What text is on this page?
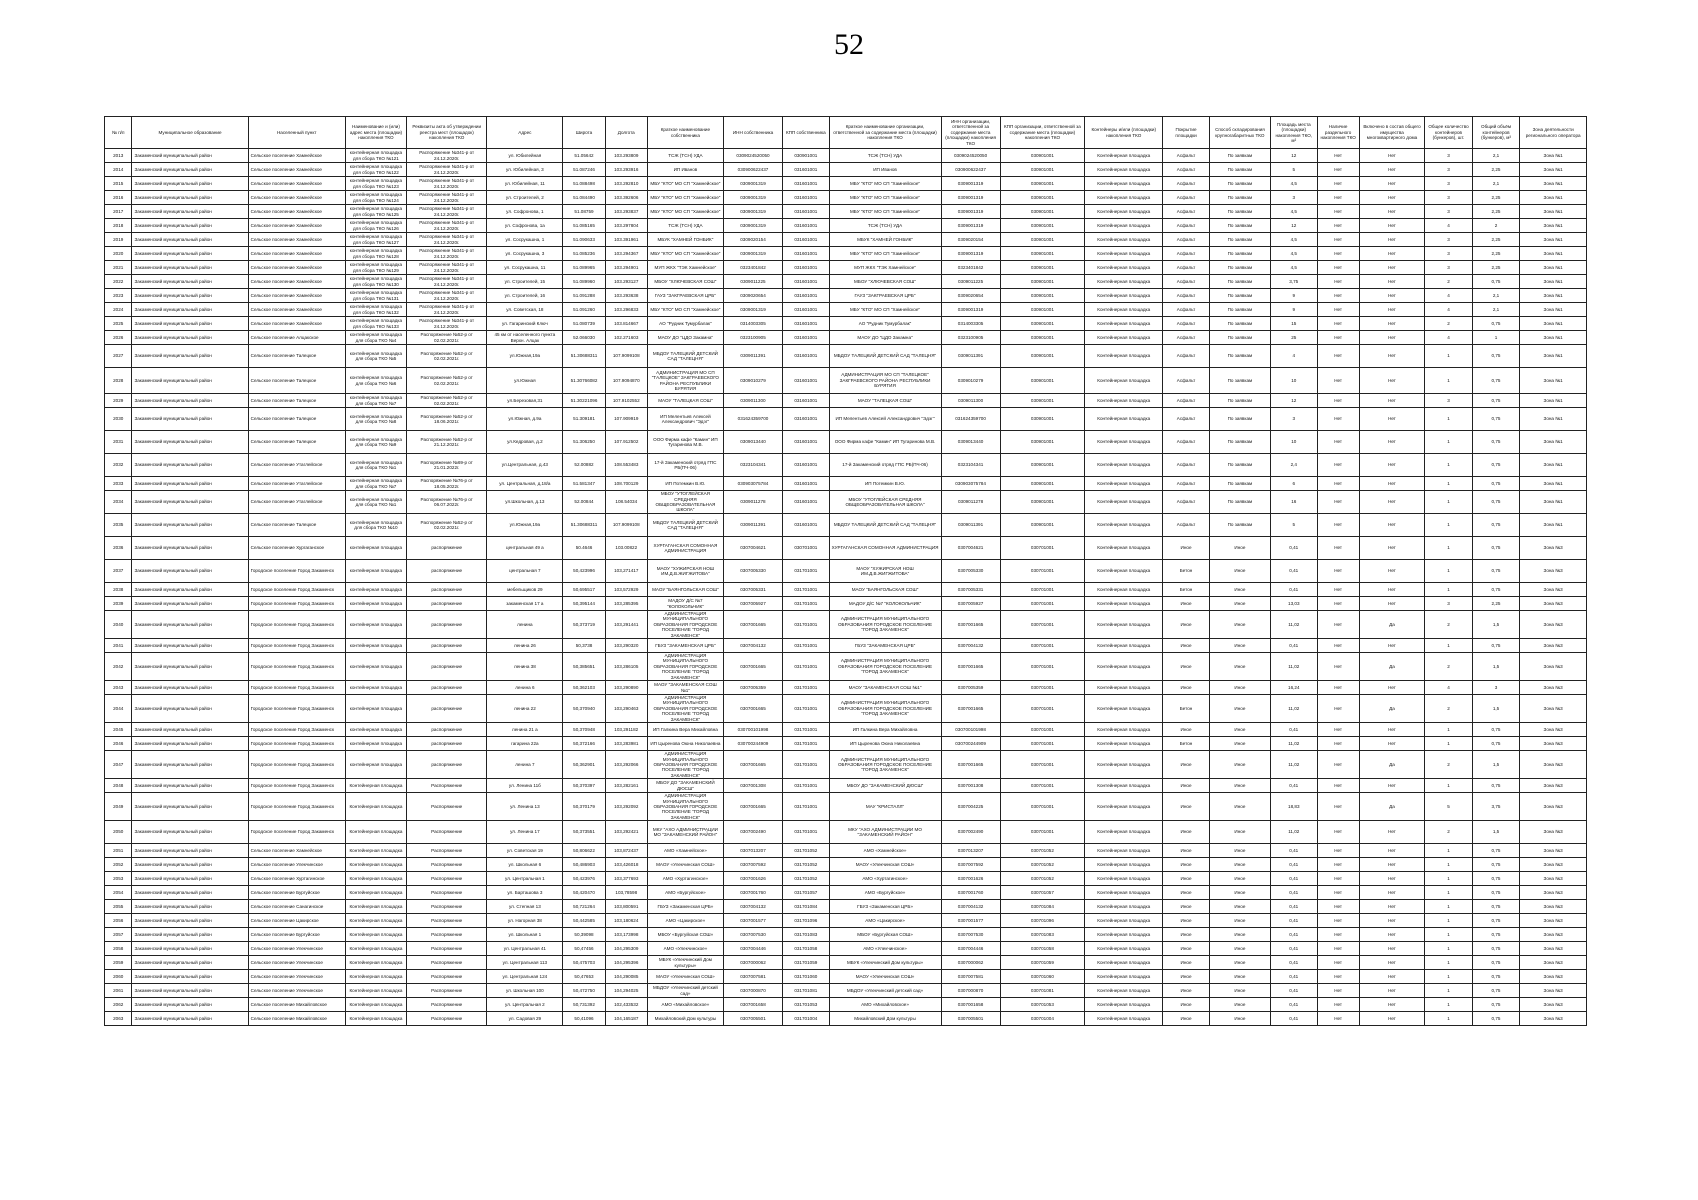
52
№ п/п	Муниципальное образование	Населенный пункт	Наименование и (или) адрес места (площадки) накопления ТКО	Реквизиты акта об утверждении реестра мест (площадок) накопления ТКО	Адрес	Широта	Долгота	Краткое наименование собственника	ИНН собственника	КПП собственника	Краткое наименование организации, ответственной за содержание места (площадки) накопления ТКО	ИНН организации, ответственной за содержание места (площадки) накопления ТКО	КПП организации, ответственной за содержание места (площадки) накопления ТКО	Контейнеры и/или (площадки) накопления ТКО	Покрытие площадки	Способ складирования крупногабаритных ТКО	Площадь места (площадки) накопления ТКО, м²	Наличие раздельного накопления ТКО	Включено в состав общего имущества многоквартирного дома	Общее количество контейнеров (бункеров), шт.	Общий объём контейнеров (бункеров), м³	Зона деятельности регионального оператора
2013	Закаменский муниципальный район	Сельское поселение Хамнейское	контейнерная площадка для сбора ТКО №121	Распоряжение №341-р от 24.12.2020г.	ул. Юбилейная	51.05642	103.293809	ТСЖ (ТСН) УДА	0309024520050	030901001	ТСЖ (ТСН) УДА	0309024520050	030901001	Контейнерная площадка	Асфальт	По заявкам	12	Нет	Нет	3	2,1	Зона №1
2014	Закаменский муниципальный район	Сельское поселение Хамнейское	контейнерная площадка для сбора ТКО №122	Распоряжение №341-р от 24.12.2020г.	ул. Юбилейная, 3	51.087246	103.293916	ИП Иванов	030900622437	031601001	ИП Иванов	030900622437	030901001	Контейнерная площадка	Асфальт	По заявкам	5	Нет	Нет	3	2,25	Зона №1
2015	Закаменский муниципальный район	Сельское поселение Хамнейское	контейнерная площадка для сбора ТКО №123	Распоряжение №341-р от 24.12.2020г.	ул. Юбилейная, 11	51.088498	103.292810	МБУ "КТО" МО СП "Хамнейское"	0309001319	031601001	МБУ "КТО" МО СП "Хамнейское"	0309001319	030901001	Контейнерная площадка	Асфальт	По заявкам	4,5	Нет	Нет	3	2,1	Зона №1
2016	Закаменский муниципальный район	Сельское поселение Хамнейское	контейнерная площадка для сбора ТКО №124	Распоряжение №341-р от 24.12.2020г.	ул. Строителей, 2	51.084490	103.392606	МБУ "КТО" МО СП "Хамнейское"	0309001319	031601001	МБУ "КТО" МО СП "Хамнейское"	0309001319	030901001	Контейнерная площадка	Асфальт	По заявкам	3	Нет	Нет	3	2,25	Зона №1
2017	Закаменский муниципальный район	Сельское поселение Хамнейское	контейнерная площадка для сбора ТКО №125	Распоряжение №341-р от 24.12.2020г.	ул. Софроновa, 1	51.08759	103.293837	МБУ "КТО" МО СП "Хамнейское"	0309001319	031601001	МБУ "КТО" МО СП "Хамнейское"	0309001319	030901001	Контейнерная площадка	Асфальт	По заявкам	4,5	Нет	Нет	3	2,25	Зона №1
2018	Закаменский муниципальный район	Сельское поселение Хамнейское	контейнерная площадка для сбора ТКО №126	Распоряжение №341-р от 24.12.2020г.	ул. Софроновa, 1а	51.085165	103.297804	ТСЖ (ТСН) УДА	0309001319	031601001	ТСЖ (ТСН) УДА	0309001319	030901001	Контейнерная площадка	Асфальт	По заявкам	12	Нет	Нет	4	2	Зона №1
2019	Закаменский муниципальный район	Сельское поселение Хамнейское	контейнерная площадка для сбора ТКО №127	Распоряжение №341-р от 24.12.2020г.	ул. Сосрукaшна, 1	51.090633	103.391961	МБУК "ХАМНЕЙ ГОНБИК"	0309020154	031601001	МБУК "ХАМНЕЙ ГОНБИК"	0309020154	030901001	Контейнерная площадка	Асфальт	По заявкам	4,5	Нет	Нет	3	2,25	Зона №1
2020	Закаменский муниципальный район	Сельское поселение Хамнейское	контейнерная площадка для сбора ТКО №128	Распоряжение №341-р от 24.12.2020г.	ул. Сосрукaшна, 3	51.085236	103.294367	МБУ "КТО" МО СП "Хамнейское"	0309001319	031601001	МБУ "КТО" МО СП "Хамнейское"	0309001319	030901001	Контейнерная площадка	Асфальт	По заявкам	4,5	Нет	Нет	3	2,25	Зона №1
2021	Закаменский муниципальный район	Сельское поселение Хамнейское	контейнерная площадка для сбора ТКО №129	Распоряжение №341-р от 24.12.2020г.	ул. Сосрукaшна, 11	51.089965	103.294901	МУП ЖКХ "ТЭК Хамнейское"	0323401842	031601001	МУП ЖКХ "ТЭК Хамнейское"	0323401842	030901001	Контейнерная площадка	Асфальт	По заявкам	4,5	Нет	Нет	3	2,25	Зона №1
2022	Закаменский муниципальный район	Сельское поселение Хамнейское	контейнерная площадка для сбора ТКО №130	Распоряжение №341-р от 24.12.2020г.	ул. Строителей, 15	51.089960	103.293127	МБОУ "ХЛЮЧЕВСКАЯ СОШ"	0309011225	031601001	МБОУ "ХЛЮЧЕВСКАЯ СОШ"	0309011225	030901001	Контейнерная площадка	Асфальт	По заявкам	3,75	Нет	Нет	2	0,75	Зона №1
2023	Закаменский муниципальный район	Сельское поселение Хамнейское	контейнерная площадка для сбора ТКО №131	Распоряжение №341-р от 24.12.2020г.	ул. Строителей, 16	51.091288	103.293638	ГАУЗ "ЗАКГРАЕВСКАЯ ЦРБ"	0309020654	031601001	ГАУЗ "ЗАКГРАЕВСКАЯ ЦРБ"	0309020654	030901001	Контейнерная площадка	Асфальт	По заявкам	9	Нет	Нет	4	2,1	Зона №1
2024	Закаменский муниципальный район	Сельское поселение Хамнейское	контейнерная площадка для сбора ТКО №132	Распоряжение №341-р от 24.12.2020г.	ул. Советская, 18	51.091260	103.296833	МБУ "КТО" МО СП "Хамнейское"	0309001319	031601001	МБУ "КТО" МО СП "Хамнейское"	0309001319	030901001	Контейнерная площадка	Асфальт	По заявкам	9	Нет	Нет	4	2,1	Зона №1
2025	Закаменский муниципальный район	Сельское поселение Хамнейское	контейнерная площадка для сбора ТКО №133	Распоряжение №341-р от 24.12.2020г.	ул. Гагаринский Ключ	51.080739	103.814667	АО "Рудник Тумурбалак"	0314003305	031601001	АО "Рудник Тумурбалак"	0314003305	030901001	Контейнерная площадка	Асфальт	По заявкам	15	Нет	Нет	2	0,75	Зона №1
2026	Закаменский муниципальный район	Сельское поселение Алцакское	контейнерная площадка для сбора ТКО №4	Распоряжение №52-р от 02.02.2021г.	45 км от населенного пункта Верхн. Алцак	52.066030	102.271603	МАОУ ДО "ЦДО Закамна"	0323100905	031601001	МАОУ ДО "ЦДО Закамна"	0323100905	030901001	Контейнерная площадка	Асфальт	По заявкам	25	Нет	Нет	4	1	Зона №1
2027	Закаменский муниципальный район	Сельское поселение Талецкое	контейнерная площадка для сбора ТКО №5	Распоряжение №52-р от 02.02.2021г.	ул.Южная,19а	51.30688311	107.9099108	МБДОУ ТАЛЕЦКИЙ ДЕТСКИЙ САД "ТАЛЕЦНЯ"	0309011391	031601001	МБДОУ ТАЛЕЦКИЙ ДЕТСКИЙ САД "ТАЛЕЦНЯ"	0309011391	030901001	Контейнерная площадка	Асфальт	По заявкам	4	Нет	Нет	1	0,75	Зона №1
2028	Закаменский муниципальный район	Сельское поселение Талецкое	контейнерная площадка для сбора ТКО №6	Распоряжение №52-р от 02.02.2021г.	ул.Южная	51.30766082	107.9094870	АДМИНИСТРАЦИЯ МО СП "ТАЛЕЦКОЕ" ЗАКГРАЕВСКОГО РАЙОНА РЕСПУБЛИКИ БУРЯТИЯ	0309010279	031601001	АДМИНИСТРАЦИЯ МО СП "ТАЛЕЦКОЕ" ЗАКГРАЕВСКОГО РАЙОНА РЕСПУБЛИКИ БУРЯТИЯ	0309010279	030901001	Контейнерная площадка	Асфальт	По заявкам	10	Нет	Нет	1	0,75	Зона №1
2029	Закаменский муниципальный район	Сельское поселение Талецкое	контейнерная площадка для сбора ТКО №7	Распоряжение №52-р от 02.02.2021г.	ул.Березовая,31	51.30221096	107.9102552	МАОУ "ТАЛЕЦКАЯ СОШ"	0309011300	031601001	МАОУ "ТАЛЕЦКАЯ СОШ"	0309011300	030901001	Контейнерная площадка	Асфальт	По заявкам	12	Нет	Нет	3	0,75	Зона №1
2030	Закаменский муниципальный район	Сельское поселение Талецкое	контейнерная площадка для сбора ТКО №8	Распоряжение №52-р от 18.06.2021г.	ул.Южная, д.9а	51.309181	107.909919	ИП Мелентьев Алексей Александрович "Эдэг"	031624359700	031601001	ИП Мелентьев Алексей Александрович "Эдэг"	031624359700	030901001	Контейнерная площадка	Асфальт	По заявкам	3	Нет	Нет	1	0,75	Зона №1
2031	Закаменский муниципальный район	Сельское поселение Талецкое	контейнерная площадка для сбора ТКО №9	Распоряжение №52-р от 21.12.2021г.	ул.Кедровая, д.2	51.306250	107.912502	ООО Фирма кафе "Камин" ИП Тугаринова М.В.	0309013440	031601001	ООО Фирма кафе "Камин" ИП Тугаринова М.В.	0309013440	030901001	Контейнерная площадка	Асфальт	По заявкам	10	Нет	Нет	1	0,75	Зона №1
2032	Закаменский муниципальный район	Сельское поселение Утаглейское	контейнерная площадка для сбора ТКО №1	Распоряжение №69-р от 21.01.2022г.	ул.Центральная, д.43	52.00882	108.553483	17-й Закаменский отряд ГПС РБ(ПЧ-06)	0323104341	031601001	17-й Закаменский отряд ГПС РБ(ПЧ-06)	0323104341	030901001	Контейнерная площадка	Асфальт	По заявкам	2,4	Нет	Нет	1	0,75	Зона №1
2033	Закаменский муниципальный район	Сельское поселение Утаглейское	контейнерная площадка для сбора ТКО №7	Распоряжение №76-р от 18.05.2022г.	ул. Центральная, д.18/а	51.581347	108.700129	ИП Потемкин В.Ю.	030903075784	031601001	ИП Потемкин В.Ю.	030903075784	030901001	Контейнерная площадка	Асфальт	По заявкам	6	Нет	Нет	1	0,75	Зона №1
2034	Закаменский муниципальный район	Сельское поселение Утаглейское	контейнерная площадка для сбора ТКО №1	Распоряжение №76-р от 06.07.2022г.	ул.Школьная, д.13	52.00844	108.54034	МБОУ "УТОГЛЕЙСКАЯ СРЕДНЯЯ ОБЩЕОБРАЗОВАТЕЛЬНАЯ ШКОЛА"	0309011278	031601001	МБОУ "УТОГЛЕЙСКАЯ СРЕДНЯЯ ОБЩЕОБРАЗОВАТЕЛЬНАЯ ШКОЛА"	0309011278	030901001	Контейнерная площадка	Асфальт	По заявкам	16	Нет	Нет	1	0,75	Зона №1
2035	Закаменский муниципальный район	Сельское поселение Талецкое	контейнерная площадка для сбора ТКО №10	Распоряжение №52-р от 02.02.2021г.	ул.Южная,19а	51.30688311	107.9099108	МБДОУ ТАЛЕЦКИЙ ДЕТСКИЙ САД "ТАЛЕЦНЯ"	0309011391	031601001	МБДОУ ТАЛЕЦКИЙ ДЕТСКИЙ САД "ТАЛЕЦНЯ"	0309011391	030901001	Контейнерная площадка	Асфальт	По заявкам	5	Нет	Нет	1	0,75	Зона №1
2036	Закаменский муниципальный район	Сельское поселение Хургаганское	контейнерная площадка	распоряжение	центральная 49 а	50.4646	103.00822	ХУРГАГАНСКАЯ СОМОННАЯ АДМИНИСТРАЦИЯ	0307004621	030701001	ХУРГАГАНСКАЯ СОМОННАЯ АДМИНИСТРАЦИЯ	0307004621	030701001	Контейнерная площадка	Иное	Иное	0,41	Нет	Нет	1	0,75	Зона №3
2037	Закаменский муниципальный район	Городское поселение Город Закаменск	контейнерная площадка	распоряжение	центральная 7	50,423996	103,271417	МАОУ "ХУЖИРСКАЯ НОШ ИМ.Д.В.ЖИГЖИТОВА"	0307005330	031701001	МАОУ "ХУЖИРСКАЯ НОШ ИМ.Д.В.ЖИГЖИТОВА"	0307005330	030701001	Контейнерная площадка	Бетон	Иное	0,41	Нет	Нет	1	0,75	Зона №3
2038	Закаменский муниципальный район	Городское поселение Город Закаменск	контейнерная площадка	распоряжение	мебельщиков 29	50,695517	103,572929	МАОУ "БАЯНГОЛЬСКАЯ СОШ"	0307005331	031701001	МАОУ "БАЯНГОЛЬСКАЯ СОШ"	0307005331	030701001	Контейнерная площадка	Бетон	Иное	0,41	Нет	Нет	1	0,75	Зона №3
2039	Закаменский муниципальный район	Городское поселение Город Закаменск	контейнерная площадка	распоряжение	закаменская 17 а	50,395144	103,285395	МАДОУ Д/С №7 "КОЛОКОЛЬЧИК"	0307005927	031701001	МАДОУ Д/С №7 "КОЛОКОЛЬЧИК"	0307005927	030701001	Контейнерная площадка	Иное	Иное	13,03	Нет	Нет	3	2,25	Зона №3
2040	Закаменский муниципальный район	Городское поселение Город Закаменск	контейнерная площадка	распоряжение	ленина	50,373719	103,291441	АДМИНИСТРАЦИЯ МУНИЦИПАЛЬНОГО ОБРАЗОВАНИЯ ГОРОДСКОЕ ПОСЕЛЕНИЕ "ГОРОД ЗАКАМЕНСК"	0307001665	031701001	АДМИНИСТРАЦИЯ МУНИЦИПАЛЬНОГО ОБРАЗОВАНИЯ ГОРОДСКОЕ ПОСЕЛЕНИЕ "ГОРОД ЗАКАМЕНСК"	0307001665	030701001	Контейнерная площадка	Иное	Иное	11,02	Нет	Да	2	1,5	Зона №3
2041	Закаменский муниципальный район	Городское поселение Город Закаменск	контейнерная площадка	распоряжение	ленина 26	50,3738	103,290320	ГБУЗ "ЗАКАМЕНСКАЯ ЦРБ"	0307004132	031701001	ГБУЗ "ЗАКАМЕНСКАЯ ЦРБ"	0307004132	030701001	Контейнерная площадка	Иное	Иное	0,41	Нет	Нет	1	0,75	Зона №3
2042	Закаменский муниципальный район	Городское поселение Город Закаменск	контейнерная площадка	распоряжение	ленина 38	50,385651	103,286105	АДМИНИСТРАЦИЯ МУНИЦИПАЛЬНОГО ОБРАЗОВАНИЯ ГОРОДСКОЕ ПОСЕЛЕНИЕ "ГОРОД ЗАКАМЕНСК"	0307001665	031701001	АДМИНИСТРАЦИЯ МУНИЦИПАЛЬНОГО ОБРАЗОВАНИЯ ГОРОДСКОЕ ПОСЕЛЕНИЕ "ГОРОД ЗАКАМЕНСК"	0307001665	030701001	Контейнерная площадка	Иное	Иное	11,02	Нет	Да	2	1,5	Зона №3
2043	Закаменский муниципальный район	Городское поселение Город Закаменск	контейнерная площадка	распоряжение	ленина 6	50,362103	103,290890	МАОУ "ЗАКАМЕНСКАЯ СОШ №1"	0307005359	031701001	МАОУ "ЗАКАМЕНСКАЯ СОШ №1"	0307005359	030701001	Контейнерная площадка	Иное	Иное	16,24	Нет	Нет	4	3	Зона №3
2044	Закаменский муниципальный район	Городское поселение Город Закаменск	контейнерная площадка	распоряжение	ленина 22	50,370940	103,290463	АДМИНИСТРАЦИЯ МУНИЦИПАЛЬНОГО ОБРАЗОВАНИЯ ГОРОДСКОЕ ПОСЕЛЕНИЕ "ГОРОД ЗАКАМЕНСК"	0307001665	031701001	АДМИНИСТРАЦИЯ МУНИЦИПАЛЬНОГО ОБРАЗОВАНИЯ ГОРОДСКОЕ ПОСЕЛЕНИЕ "ГОРОД ЗАКАМЕНСК"	0307001665	030701001	Контейнерная площадка	Бетон	Иное	11,02	Нет	Да	2	1,5	Зона №3
2045	Закаменский муниципальный район	Городское поселение Город Закаменск	контейнерная площадка	распоряжение	ленина 21 а	50,370948	103,291182	ИП Галкина Вера Михайловна	030700101998	031701001	ИП Галкина Вера Михайловна	030700101998	030701001	Контейнерная площадка	Иное	Иное	0,41	Нет	Нет	1	0,75	Зона №3
2046	Закаменский муниципальный район	Городское поселение Город Закаменск	контейнерная площадка	распоряжение	гагарина 22а	50,372166	103,283981	ИП Цыренова Оюна Николаевна	030700244909	031701001	ИП Цыренова Оюна Николаевна	030700244909	030701001	Контейнерная площадка	Бетон	Иное	11,02	Нет	Нет	1	0,75	Зона №3
2047	Закаменский муниципальный район	Городское поселение Город Закаменск	контейнерная площадка	распоряжение	ленина 7	50,362901	103,292066	АДМИНИСТРАЦИЯ МУНИЦИПАЛЬНОГО ОБРАЗОВАНИЯ ГОРОДСКОЕ ПОСЕЛЕНИЕ "ГОРОД ЗАКАМЕНСК"	0307001665	031701001	АДМИНИСТРАЦИЯ МУНИЦИПАЛЬНОГО ОБРАЗОВАНИЯ ГОРОДСКОЕ ПОСЕЛЕНИЕ "ГОРОД ЗАКАМЕНСК"	0307001665	030701001	Контейнерная площадка	Иное	Иное	11,02	Нет	Да	2	1,5	Зона №3
2048	Закаменский муниципальный район	Городское поселение Город Закаменск	Контейнерная площадка	Распоряжение	ул. Ленина 11б	50,370397	103,282161	МБОУ ДО "ЗАКАМЕНСКИЙ ДЮСШ"	0307001308	031701001	МБОУ ДО "ЗАКАМЕНСКИЙ ДЮСШ"	0307001308	030701001	Контейнерная площадка	Иное	Иное	0,41	Нет	Нет	1	0,75	Зона №3
2049	Закаменский муниципальный район	Городское поселение Город Закаменск	Контейнерная площадка	Распоряжение	ул. Ленина 13	50,370179	103,292092	АДМИНИСТРАЦИЯ МУНИЦИПАЛЬНОГО ОБРАЗОВАНИЯ ГОРОДСКОЕ ПОСЕЛЕНИЕ "ГОРОД ЗАКАМЕНСК"	0307001665	031701001	МАУ "КРИСТАЛЛ"	0307004225	030701001	Контейнерная площадка	Иное	Иное	18,83	Нет	Да	5	3,75	Зона №3
2050	Закаменский муниципальный район	Городское поселение Город Закаменск	Контейнерная площадка	Распоряжение	ул. Ленина 17	50,373551	103,292421	МКУ "АХО АДМИНИСТРАЦИИ МО "ЗАКАМЕНСКИЙ РАЙОН"	0307002490	031701001	МКУ "АХО АДМИНИСТРАЦИИ МО "ЗАКАМЕНСКИЙ РАЙОН"	0307002490	030701001	Контейнерная площадка	Иное	Иное	11,02	Нет	Нет	2	1,5	Зона №3
2051	Закаменский муниципальный район	Сельское поселение Хамнейское	Контейнерная площадка	Распоряжение	ул. Советская 19	50,806622	103,872437	АМО «Хамнейское»	0307013207	031701052	АМО «Хамнейское»	0307013207	030701052	Контейнерная площадка	Иное	Иное	0,41	Нет	Нет	1	0,75	Зона №3
2052	Закаменский муниципальный район	Сельское поселение Улекчинское	Контейнерная площадка	Распоряжение	ул. Школьная 6	50,486903	103,426018	МАОУ «Улекчинская СОШ»	0307007592	031701052	МАОУ «Улекчинская СОШ»	0307007592	030701052	Контейнерная площадка	Иное	Иное	0,41	Нет	Нет	1	0,75	Зона №3
2053	Закаменский муниципальный район	Сельское поселение Хуртагинское	Контейнерная площадка	Распоряжение	ул. Центральная 1	50,423976	103,377693	АМО «Хуртагинское»	0307001626	031701052	АМО «Хуртагинское»	0307001626	030701052	Контейнерная площадка	Иное	Иное	0,41	Нет	Нет	1	0,75	Зона №3
2054	Закаменский муниципальный район	Сельское поселение Бургуйское	Контейнерная площадка	Распоряжение	ул. Барташова 3	50,420470	103,78598	АМО «Бургуйское»	0307001760	031701057	АМО «Бургуйское»	0307001760	030701057	Контейнерная площадка	Иное	Иное	0,41	Нет	Нет	1	0,75	Зона №3
2055	Закаменский муниципальный район	Сельское поселение Санагинское	Контейнерная площадка	Распоряжение	ул. Степная 13	50,721264	103,800591	ГБУЗ «Закаменская ЦРБ»	0307004132	031701084	ГБУЗ «Закаменская ЦРБ»	0307004132	030701084	Контейнерная площадка	Иное	Иное	0,41	Нет	Нет	1	0,75	Зона №3
2056	Закаменский муниципальный район	Сельское поселение Цакирское	Контейнерная площадка	Распоряжение	ул. Нагорная 38	50,442585	103,180624	АМО «Цакирское»	0307001577	031701096	АМО «Цакирское»	0307001577	030701096	Контейнерная площадка	Иное	Иное	0,41	Нет	Нет	1	0,75	Зона №3
2057	Закаменский муниципальный район	Сельское поселение Бургуйское	Контейнерная площадка	Распоряжение	ул. Школьная 1	50,39098	103,173998	МБОУ «Бургуйская СОШ»	0307007530	031701083	МБОУ «Бургуйская СОШ»	0307007530	030701083	Контейнерная площадка	Иное	Иное	0,41	Нет	Нет	1	0,75	Зона №3
2058	Закаменский муниципальный район	Сельское поселение Улекчинское	Контейнерная площадка	Распоряжение	ул. Центральная 41	50,47456	104,295309	АМО «Улекчинское»	0307004446	031701058	АМО «Улекчинское»	0307004446	030701058	Контейнерная площадка	Иное	Иное	0,41	Нет	Нет	1	0,75	Зона №3
2059	Закаменский муниципальный район	Сельское поселение Улекчинское	Контейнерная площадка	Распоряжение	ул. Центральная 113	50,475703	104,295396	МБУК «Улекчинский Дом культуры»	0307000062	031701059	МБУК «Улекчинский Дом культуры»	0307000062	030701059	Контейнерная площадка	Иное	Иное	0,41	Нет	Нет	1	0,75	Зона №3
2060	Закаменский муниципальный район	Сельское поселение Улекчинское	Контейнерная площадка	Распоряжение	ул. Центральная 124	50,47653	104,290085	МАОУ «Улекчинская СОШ»	0307007581	031701060	МАОУ «Улекчинская СОШ»	0307007581	030701060	Контейнерная площадка	Иное	Иное	0,41	Нет	Нет	1	0,75	Зона №3
2061	Закаменский муниципальный район	Сельское поселение Улекчинское	Контейнерная площадка	Распоряжение	ул. Школьная 100	50,472750	104,294025	МБДОУ «Улекчинский детский сад»	0307000870	031701081	МБДОУ «Улекчинский детский сад»	0307000870	030701081	Контейнерная площадка	Иное	Иное	0,41	Нет	Нет	1	0,75	Зона №3
2062	Закаменский муниципальный район	Сельское поселение Михайловское	Контейнерная площадка	Распоряжение	ул. Центральная 2	50,731392	102,433532	АМО «Михайловское»	0307001658	031701053	АМО «Михайловское»	0307001658	030701053	Контейнерная площадка	Иное	Иное	0,41	Нет	Нет	1	0,75	Зона №3
2063	Закаменский муниципальный район	Сельское поселение Михайловское	Контейнерная площадка	Распоряжение	ул. Садовая 29	50,41096	104,165187	Михайловский Дом культуры	0307005501	031701004	Михайловский Дом культуры	0307005501	030701004	Контейнерная площадка	Иное	Иное	0,41	Нет	Нет	1	0,75	Зона №3
